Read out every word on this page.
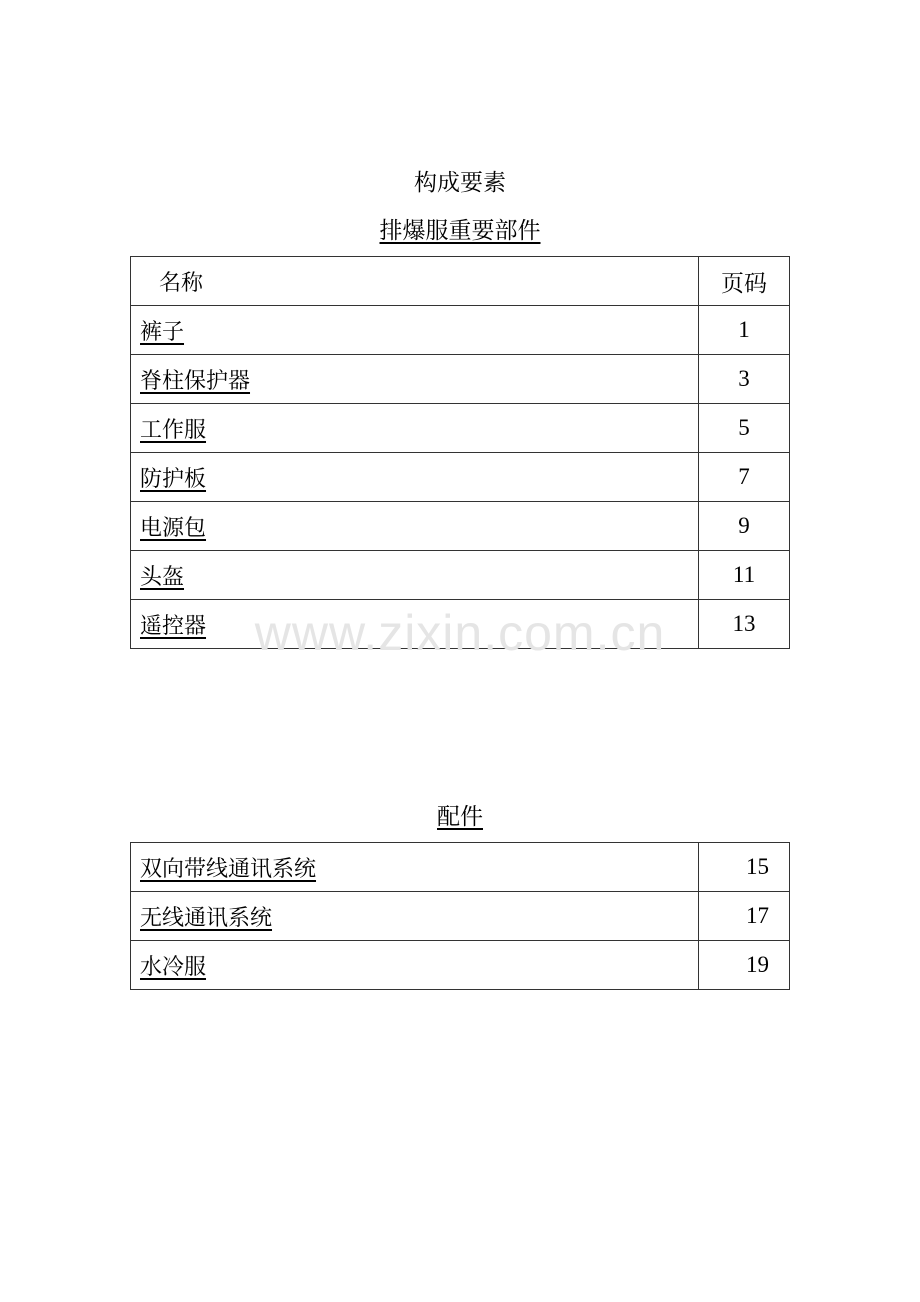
构成要素
排爆服重要部件
名称	页码
裤子	1
脊柱保护器	3
工作服	5
防护板	7
电源包	9
头盔	11
遥控器	13
www.zixin.com.cn
配件
双向带线通讯系统	15
无线通讯系统	17
水冷服	19
